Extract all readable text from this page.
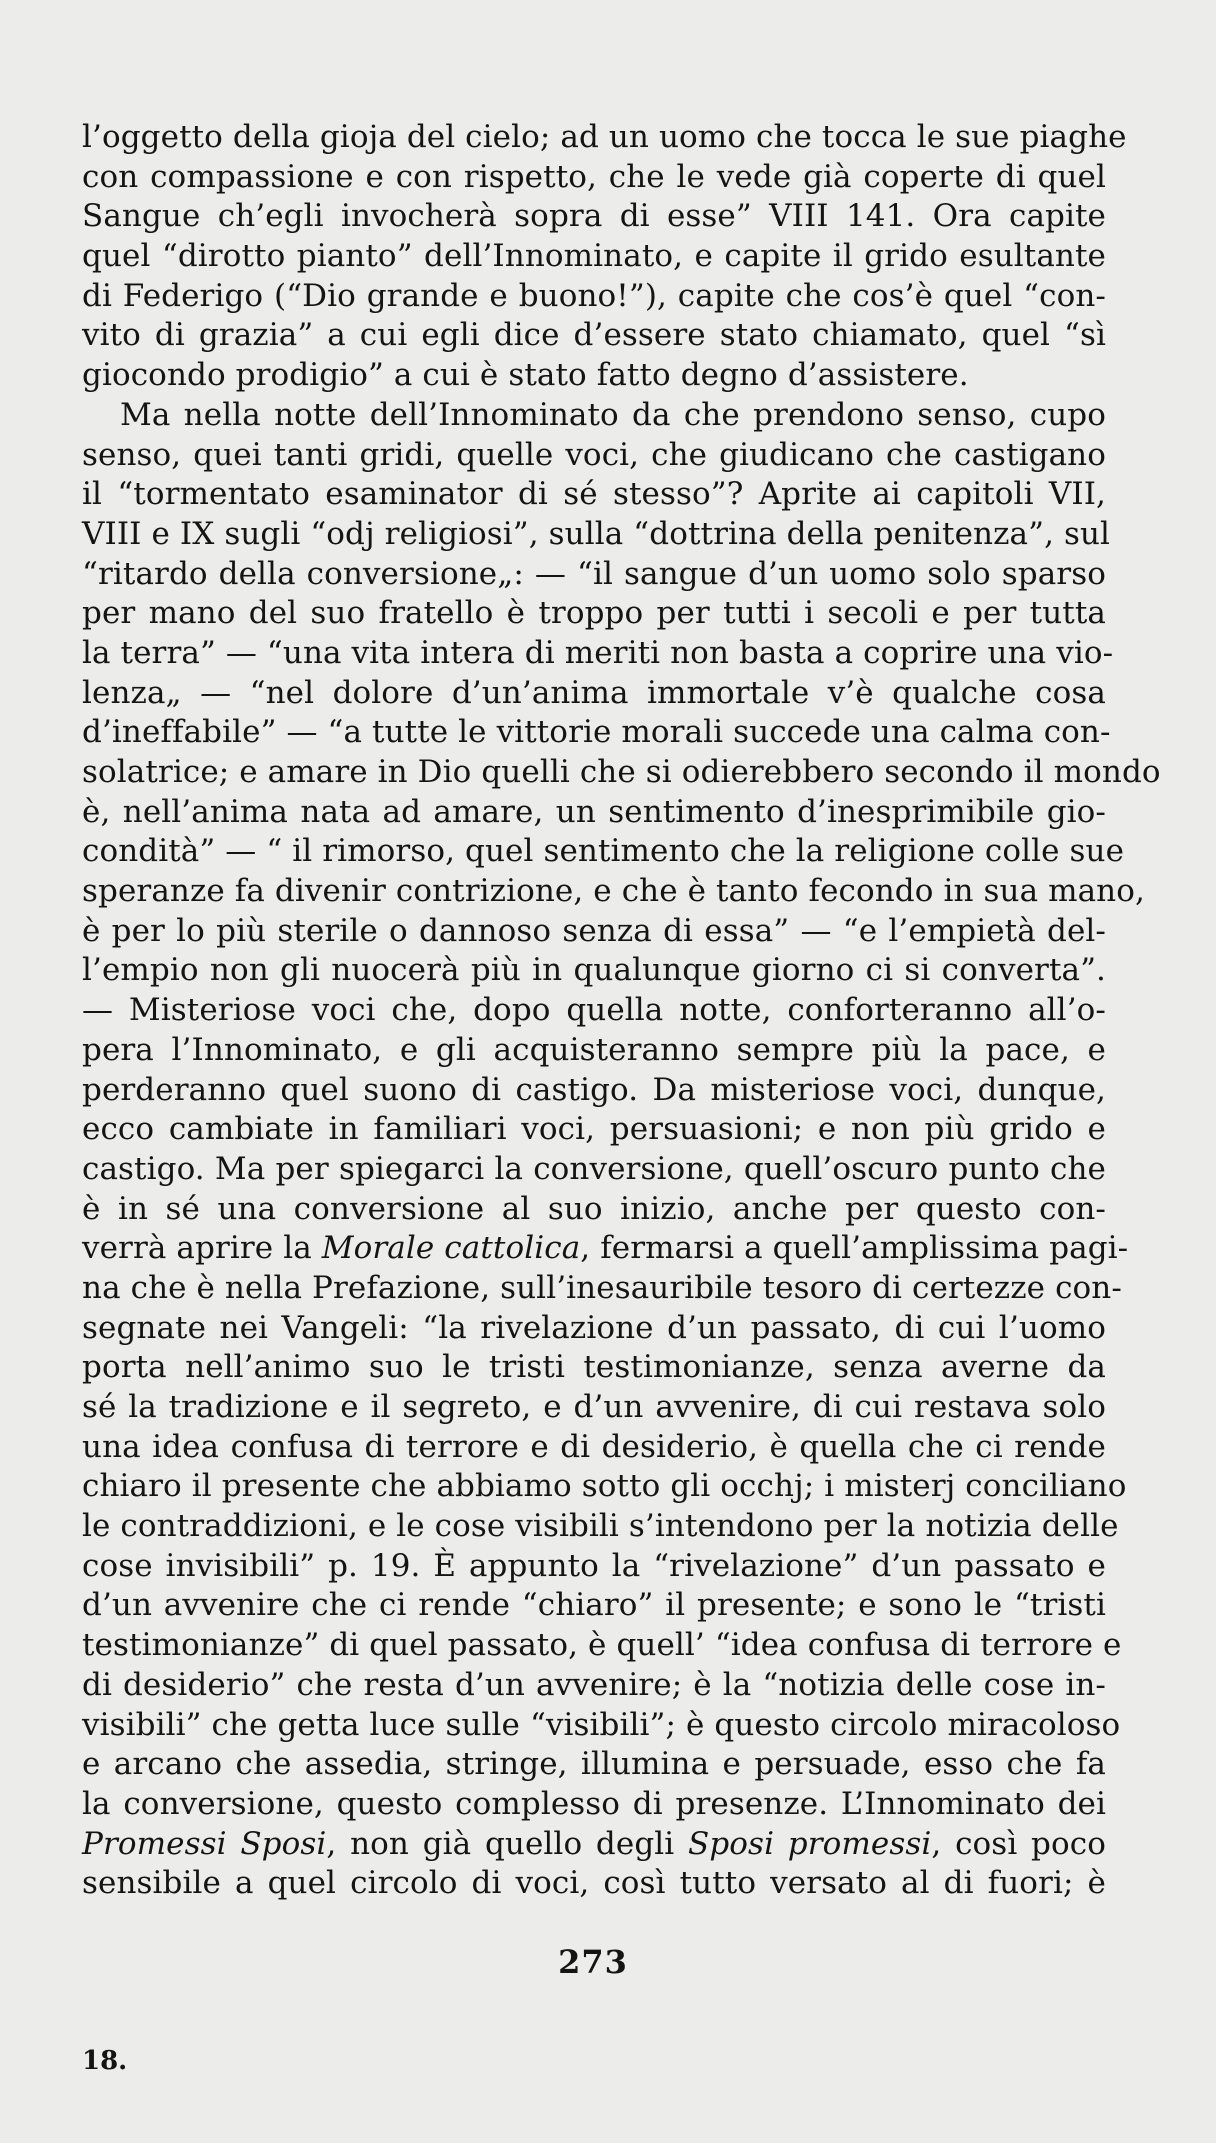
l’oggetto della gioja del cielo; ad un uomo che tocca le sue piaghe
con compassione e con rispetto, che le vede già coperte di quel
Sangue ch’egli invocherà sopra di esse” VIII 141. Ora capite
quel “dirotto pianto” dell’Innominato, e capite il grido esultante
di Federigo (“Dio grande e buono!”), capite che cos’è quel “con-
vito di grazia” a cui egli dice d’essere stato chiamato, quel “sì
giocondo prodigio” a cui è stato fatto degno d’assistere.
Ma nella notte dell’Innominato da che prendono senso, cupo
senso, quei tanti gridi, quelle voci, che giudicano che castigano
il “tormentato esaminator di sé stesso”? Aprite ai capitoli VII,
VIII e IX sugli “odj religiosi”, sulla “dottrina della penitenza”, sul
“ritardo della conversione„: — “il sangue d’un uomo solo sparso
per mano del suo fratello è troppo per tutti i secoli e per tutta
la terra” — “una vita intera di meriti non basta a coprire una vio-
lenza„ — “nel dolore d’un’anima immortale v’è qualche cosa
d’ineffabile” — “a tutte le vittorie morali succede una calma con-
solatrice; e amare in Dio quelli che si odierebbero secondo il mondo
è, nell’anima nata ad amare, un sentimento d’inesprimibile gio-
condità” — “ il rimorso, quel sentimento che la religione colle sue
speranze fa divenir contrizione, e che è tanto fecondo in sua mano,
è per lo più sterile o dannoso senza di essa” — “e l’empietà del-
l’empio non gli nuocerà più in qualunque giorno ci si converta”.
— Misteriose voci che, dopo quella notte, conforteranno all’o-
pera l’Innominato, e gli acquisteranno sempre più la pace, e
perderanno quel suono di castigo. Da misteriose voci, dunque,
ecco cambiate in familiari voci, persuasioni; e non più grido e
castigo. Ma per spiegarci la conversione, quell’oscuro punto che
è in sé una conversione al suo inizio, anche per questo con-
verrà aprire la Morale cattolica, fermarsi a quell’amplissima pagi-
na che è nella Prefazione, sull’inesauribile tesoro di certezze con-
segnate nei Vangeli: “la rivelazione d’un passato, di cui l’uomo
porta nell’animo suo le tristi testimonianze, senza averne da
sé la tradizione e il segreto, e d’un avvenire, di cui restava solo
una idea confusa di terrore e di desiderio, è quella che ci rende
chiaro il presente che abbiamo sotto gli occhj; i misterj conciliano
le contraddizioni, e le cose visibili s’intendono per la notizia delle
cose invisibili” p. 19. È appunto la “rivelazione” d’un passato e
d’un avvenire che ci rende “chiaro” il presente; e sono le “tristi
testimonianze” di quel passato, è quell’ “idea confusa di terrore e
di desiderio” che resta d’un avvenire; è la “notizia delle cose in-
visibili” che getta luce sulle “visibili”; è questo circolo miracoloso
e arcano che assedia, stringe, illumina e persuade, esso che fa
la conversione, questo complesso di presenze. L’Innominato dei
Promessi Sposi, non già quello degli Sposi promessi, così poco
sensibile a quel circolo di voci, così tutto versato al di fuori; è
273
18.
